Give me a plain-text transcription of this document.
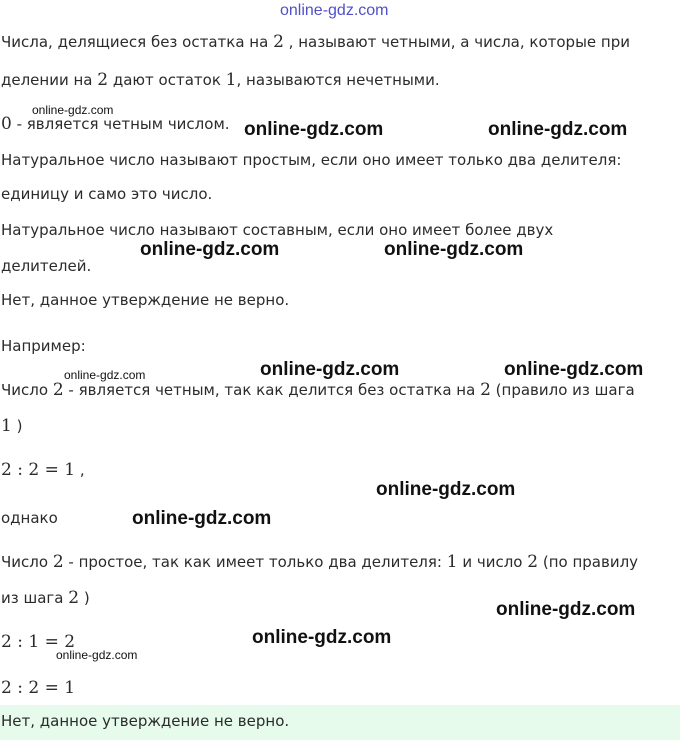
online-gdz.com
Числа, делящиеся без остатка на 2 , называют четными, а числа, которые при
делении на 2 дают остаток 1, называются нечетными.
0 - является четным числом.
Натуральное число называют простым, если оно имеет только два делителя:
единицу и само это число.
Натуральное число называют составным, если оно имеет более двух
делителей.
Нет, данное утверждение не верно.
Например:
Число 2 - является четным, так как делится без остатка на 2 (правило из шага
1 )
2 : 2 = 1 ,
однако
Число 2 - простое, так как имеет только два делителя: 1 и число 2 (по правилу
из шага 2 )
2 : 1 = 2
2 : 2 = 1
Нет, данное утверждение не верно.
online-gdz.com
online-gdz.com	online-gdz.com
online-gdz.com	online-gdz.com
online-gdz.com	online-gdz.com
online-gdz.com
online-gdz.com
online-gdz.com
online-gdz.com
online-gdz.com
online-gdz.com
